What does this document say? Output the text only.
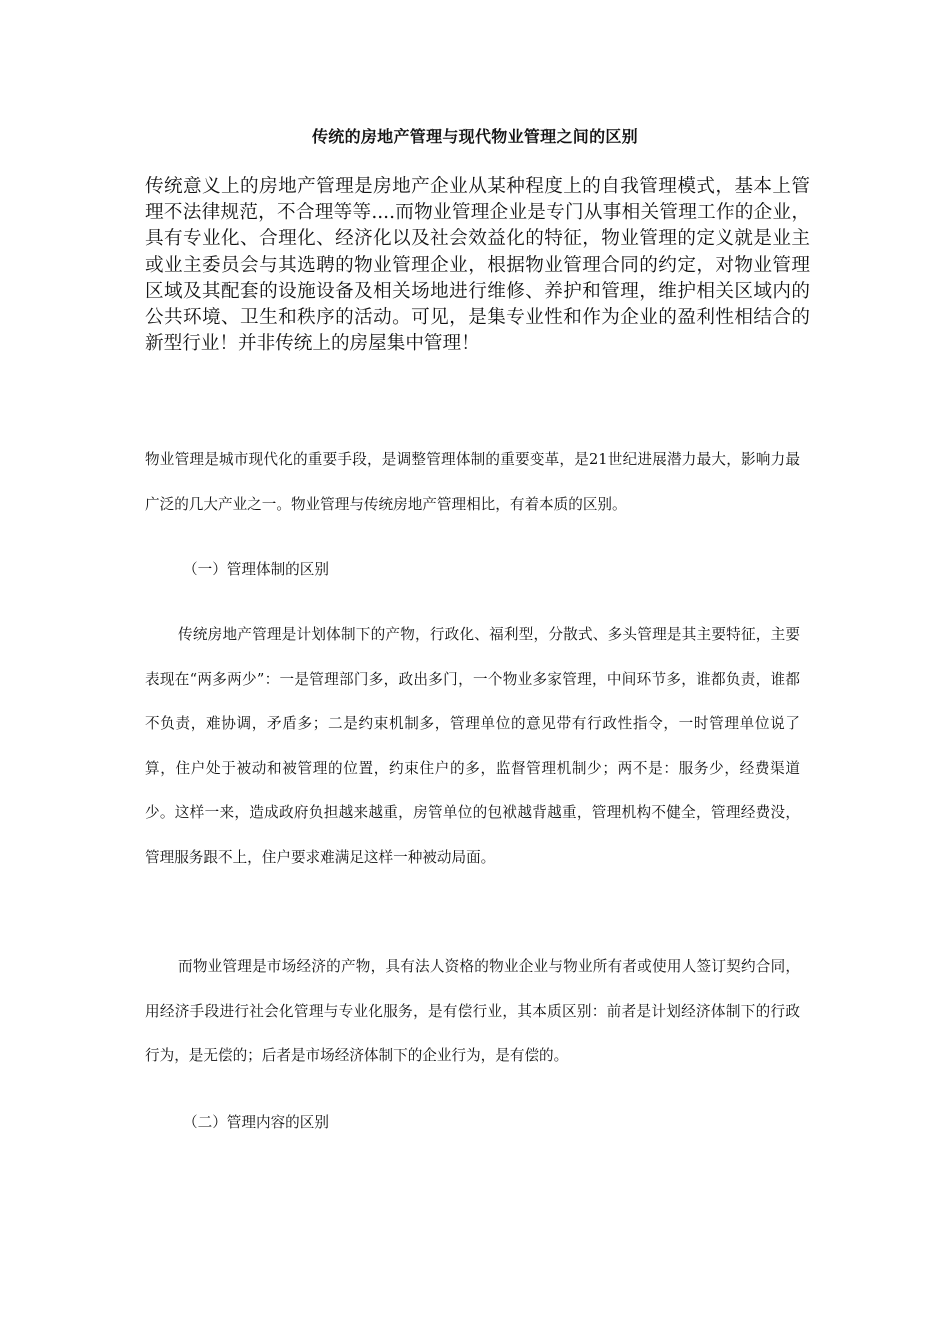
传统的房地产管理与现代物业管理之间的区别

传统意义上的房地产管理是房地产企业从某种程度上的自我管理模式，基本上管理不法律规范，不合理等等....而物业管理企业是专门从事相关管理工作的企业，具有专业化、合理化、经济化以及社会效益化的特征，物业管理的定义就是业主或业主委员会与其选聘的物业管理企业，根据物业管理合同的约定，对物业管理区域及其配套的设施设备及相关场地进行维修、养护和管理，维护相关区域内的公共环境、卫生和秩序的活动。可见，是集专业性和作为企业的盈利性相结合的新型行业！并非传统上的房屋集中管理！

物业管理是城市现代化的重要手段，是调整管理体制的重要变革，是21世纪进展潜力最大，影响力最广泛的几大产业之一。物业管理与传统房地产管理相比，有着本质的区别。

（一）管理体制的区别

传统房地产管理是计划体制下的产物，行政化、福利型，分散式、多头管理是其主要特征，主要表现在“两多两少”：一是管理部门多，政出多门，一个物业多家管理，中间环节多，谁都负责，谁都不负责，难协调，矛盾多；二是约束机制多，管理单位的意见带有行政性指令，一时管理单位说了算，住户处于被动和被管理的位置，约束住户的多，监督管理机制少；两不是：服务少，经费渠道少。这样一来，造成政府负担越来越重，房管单位的包袱越背越重，管理机构不健全，管理经费没，管理服务跟不上，住户要求难满足这样一种被动局面。

而物业管理是市场经济的产物，具有法人资格的物业企业与物业所有者或使用人签订契约合同，用经济手段进行社会化管理与专业化服务，是有偿行业，其本质区别：前者是计划经济体制下的行政行为，是无偿的；后者是市场经济体制下的企业行为，是有偿的。

（二）管理内容的区别
